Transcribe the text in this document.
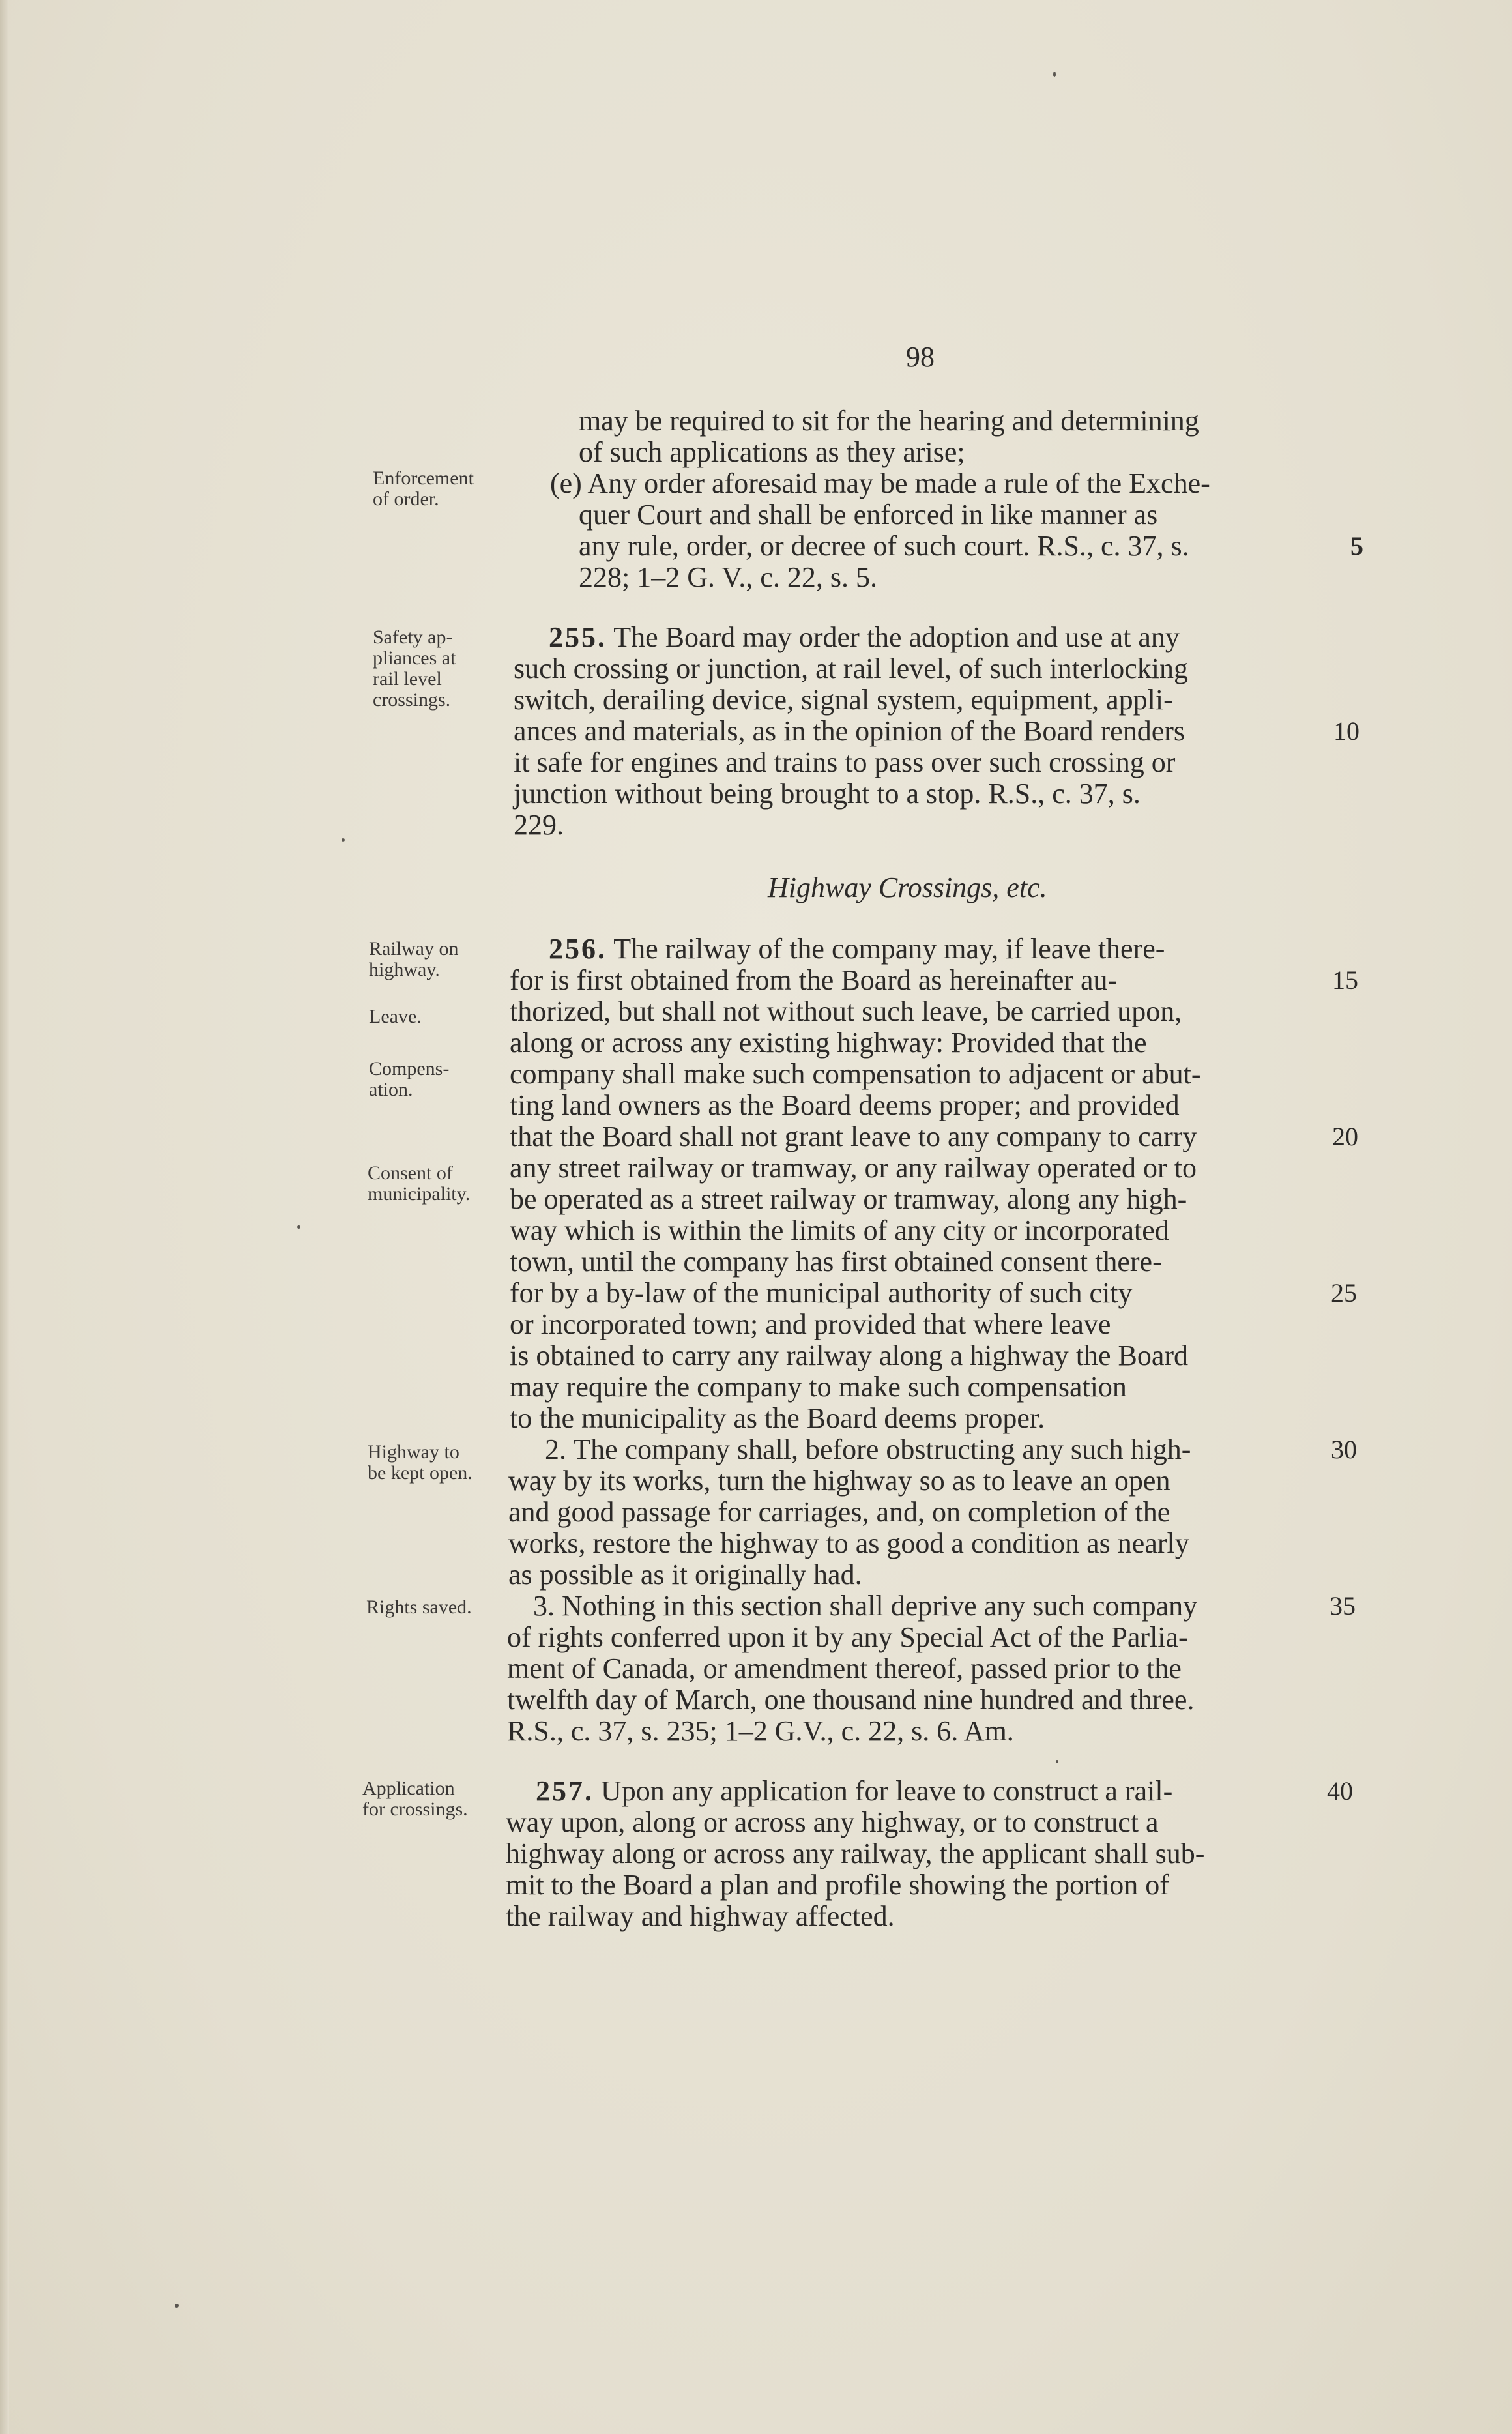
98
Enforcement
of order.
Safety ap-
pliances at
rail level
crossings.
Railway on
highway.
Leave.
Compens-
ation.
Consent of
municipality.
Highway to
be kept open.
Rights saved.
Application
for crossings.
may be required to sit for the hearing and determining
of such applications as they arise;
(e) Any order aforesaid may be made a rule of the Exche-
quer Court and shall be enforced in like manner as
any rule, order, or decree of such court. R.S., c. 37, s.
228; 1–2 G. V., c. 22, s. 5.
255. The Board may order the adoption and use at any
such crossing or junction, at rail level, of such interlocking
switch, derailing device, signal system, equipment, appli-
ances and materials, as in the opinion of the Board renders
it safe for engines and trains to pass over such crossing or
junction without being brought to a stop. R.S., c. 37, s.
229.
Highway Crossings, etc.
256. The railway of the company may, if leave there-
for is first obtained from the Board as hereinafter au-
thorized, but shall not without such leave, be carried upon,
along or across any existing highway: Provided that the
company shall make such compensation to adjacent or abut-
ting land owners as the Board deems proper; and provided
that the Board shall not grant leave to any company to carry
any street railway or tramway, or any railway operated or to
be operated as a street railway or tramway, along any high-
way which is within the limits of any city or incorporated
town, until the company has first obtained consent there-
for by a by-law of the municipal authority of such city
or incorporated town; and provided that where leave
is obtained to carry any railway along a highway the Board
may require the company to make such compensation
to the municipality as the Board deems proper.
2. The company shall, before obstructing any such high-
way by its works, turn the highway so as to leave an open
and good passage for carriages, and, on completion of the
works, restore the highway to as good a condition as nearly
as possible as it originally had.
3. Nothing in this section shall deprive any such company
of rights conferred upon it by any Special Act of the Parlia-
ment of Canada, or amendment thereof, passed prior to the
twelfth day of March, one thousand nine hundred and three.
R.S., c. 37, s. 235; 1–2 G.V., c. 22, s. 6. Am.
257. Upon any application for leave to construct a rail-
way upon, along or across any highway, or to construct a
highway along or across any railway, the applicant shall sub-
mit to the Board a plan and profile showing the portion of
the railway and highway affected.
5
10
15
20
25
30
35
40
